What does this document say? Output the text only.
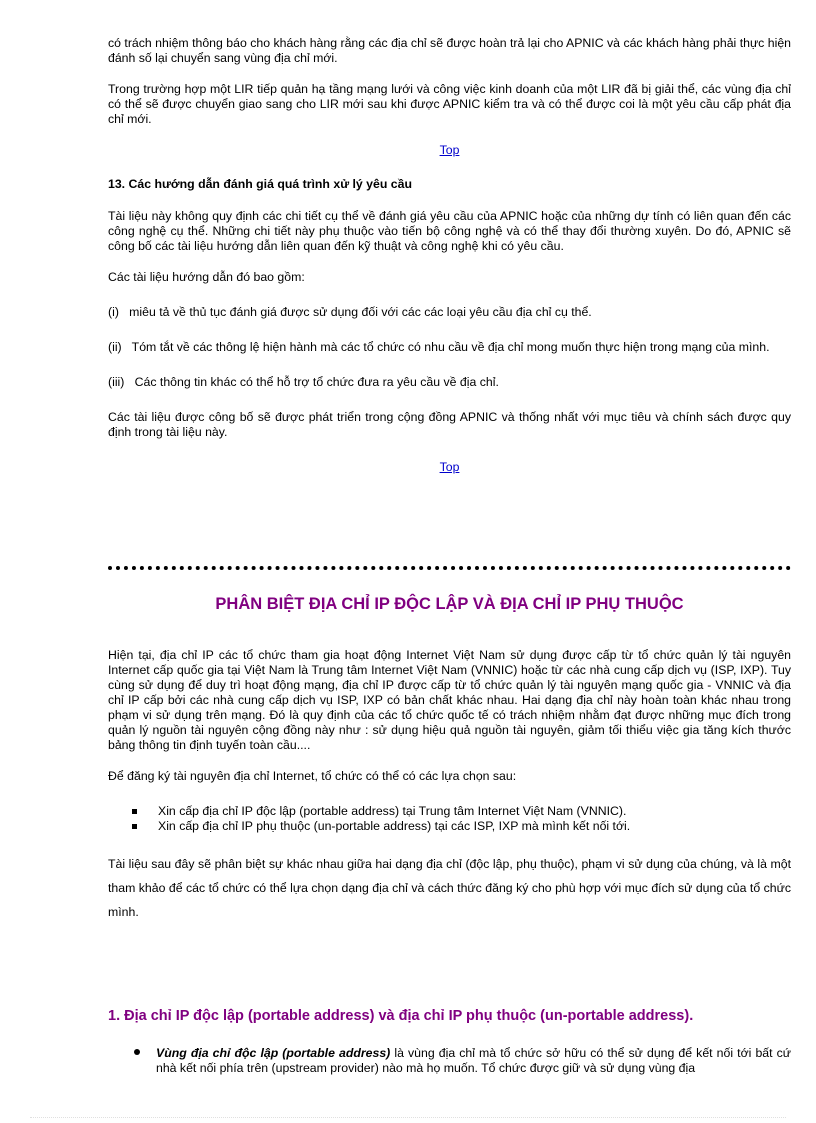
có trách nhiệm thông báo cho khách hàng rằng các địa chỉ sẽ được hoàn trả lại cho APNIC và các khách hàng phải thực hiện đánh số lại chuyển sang vùng địa chỉ mới.

Trong trường hợp một LIR tiếp quản hạ tầng mạng lưới và công việc kinh doanh của một LIR đã bị giải thể, các vùng địa chỉ có thể sẽ được chuyển giao sang cho LIR mới sau khi được APNIC kiểm tra và có thể được coi là một yêu cầu cấp phát địa chỉ mới.

Top
13. Các hướng dẫn đánh giá quá trình xử lý yêu cầu

Tài liệu này không quy định các chi tiết cụ thể về đánh giá yêu cầu của APNIC hoặc của những dự tính có liên quan đến các công nghệ cụ thể. Những chi tiết này phụ thuộc vào tiến bộ công nghệ và có thể thay đổi thường xuyên. Do đó, APNIC sẽ công bố các tài liệu hướng dẫn liên quan đến kỹ thuật và công nghệ khi có yêu cầu.

Các tài liệu hướng dẫn đó bao gồm:

(i)   miêu tả về thủ tục đánh giá được sử dụng đối với các các loại yêu cầu địa chỉ cụ thể.

(ii)   Tóm tắt về các thông lệ hiện hành mà các tổ chức có nhu cầu về địa chỉ mong muốn thực hiện trong mạng của mình.

(iii)   Các thông tin khác có thể hỗ trợ tổ chức đưa ra yêu cầu về địa chỉ.

Các tài liệu được công bố sẽ được phát triển trong cộng đồng APNIC và thống nhất với mục tiêu và chính sách được quy định trong tài liệu này.

Top
PHÂN BIỆT ĐỊA CHỈ IP ĐỘC LẬP VÀ ĐỊA CHỈ IP PHỤ THUỘC

Hiện tại, địa chỉ IP các tổ chức tham gia hoạt động Internet Việt Nam sử dụng được cấp từ tổ chức quản lý tài nguyên Internet cấp quốc gia tại Việt Nam là Trung tâm Internet Việt Nam (VNNIC) hoặc từ các nhà cung cấp dịch vụ (ISP, IXP). Tuy cùng sử dụng để duy trì hoạt động mạng, địa chỉ IP được cấp từ tổ chức quản lý tài nguyên mạng quốc gia - VNNIC và địa chỉ IP cấp bởi các nhà cung cấp dịch vụ ISP, IXP có bản chất khác nhau. Hai dạng địa chỉ này hoàn toàn khác nhau trong phạm vi sử dụng trên mạng. Đó là quy định của các tổ chức quốc tế có trách nhiệm nhằm đạt được những mục đích trong quản lý nguồn tài nguyên cộng đồng này như : sử dụng hiệu quả nguồn tài nguyên, giảm tối thiểu việc gia tăng kích thước bảng thông tin định tuyến toàn cầu....

Để đăng ký tài nguyên địa chỉ Internet, tổ chức có thể có các lựa chọn sau:

Xin cấp địa chỉ IP độc lập (portable address) tại Trung tâm Internet Việt Nam (VNNIC).
Xin cấp địa chỉ IP phụ thuộc (un-portable address) tại các ISP, IXP mà mình kết nối tới.

Tài liệu sau đây sẽ phân biệt sự khác nhau giữa hai dạng địa chỉ (độc lập, phụ thuộc), phạm vi sử dụng của chúng, và là một tham khảo để các tổ chức có thể lựa chọn dạng địa chỉ và cách thức đăng ký cho phù hợp với mục đích sử dụng của tổ chức mình.

1. Địa chỉ IP độc lập (portable address) và địa chỉ IP phụ thuộc (un-portable address).
Vùng địa chỉ độc lập (portable address) là vùng địa chỉ mà tổ chức sở hữu có thể sử dụng để kết nối tới bất cứ nhà kết nối phía trên (upstream provider) nào mà họ muốn. Tổ chức được giữ và sử dụng vùng địa
